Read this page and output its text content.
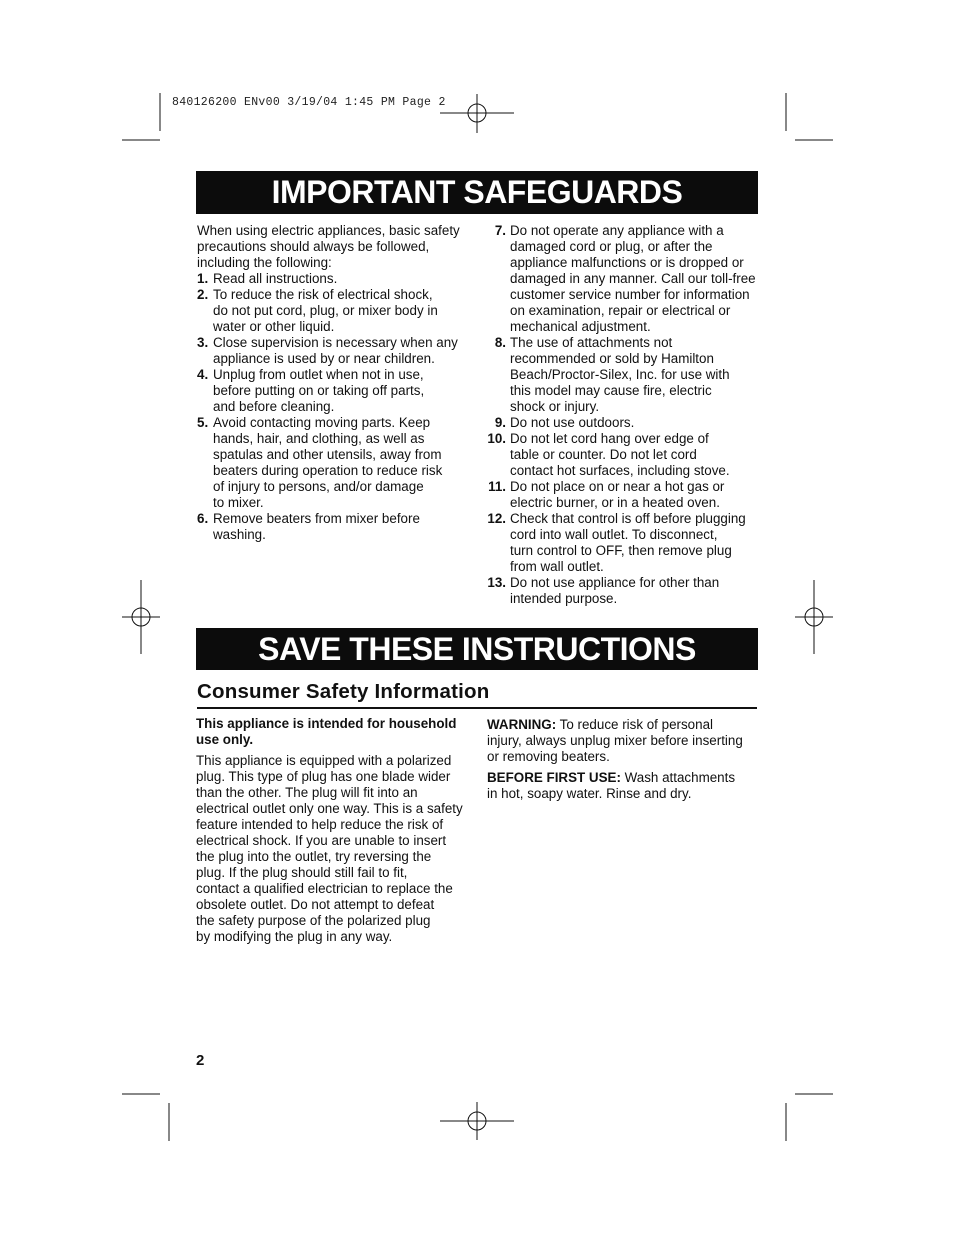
840126200 ENv00 3/19/04 1:45 PM Page 2
IMPORTANT SAFEGUARDS

When using electric appliances, basic safety
precautions should always be followed,
including the following:

1. Read all instructions.
2. To reduce the risk of electrical shock,
do not put cord, plug, or mixer body in
water or other liquid.
3. Close supervision is necessary when any
appliance is used by or near children.
4. Unplug from outlet when not in use,
before putting on or taking off parts,
and before cleaning.
5. Avoid contacting moving parts. Keep
hands, hair, and clothing, as well as
spatulas and other utensils, away from
beaters during operation to reduce risk
of injury to persons, and/or damage
to mixer.
6. Remove beaters from mixer before
washing.
7. Do not operate any appliance with a
damaged cord or plug, or after the
appliance malfunctions or is dropped or
damaged in any manner. Call our toll-free
customer service number for information
on examination, repair or electrical or
mechanical adjustment.
8. The use of attachments not
recommended or sold by Hamilton
Beach/Proctor-Silex, Inc. for use with
this model may cause fire, electric
shock or injury.
9. Do not use outdoors.
10. Do not let cord hang over edge of
table or counter. Do not let cord
contact hot surfaces, including stove.
11. Do not place on or near a hot gas or
electric burner, or in a heated oven.
12. Check that control is off before plugging
cord into wall outlet. To disconnect,
turn control to OFF, then remove plug
from wall outlet.
13. Do not use appliance for other than
intended purpose.
SAVE THESE INSTRUCTIONS
Consumer Safety Information

This appliance is intended for household
use only.

This appliance is equipped with a polarized
plug. This type of plug has one blade wider
than the other. The plug will fit into an
electrical outlet only one way. This is a safety
feature intended to help reduce the risk of
electrical shock. If you are unable to insert
the plug into the outlet, try reversing the
plug. If the plug should still fail to fit,
contact a qualified electrician to replace the
obsolete outlet. Do not attempt to defeat
the safety purpose of the polarized plug
by modifying the plug in any way.

WARNING: To reduce risk of personal
injury, always unplug mixer before inserting
or removing beaters.

BEFORE FIRST USE: Wash attachments
in hot, soapy water. Rinse and dry.

2
